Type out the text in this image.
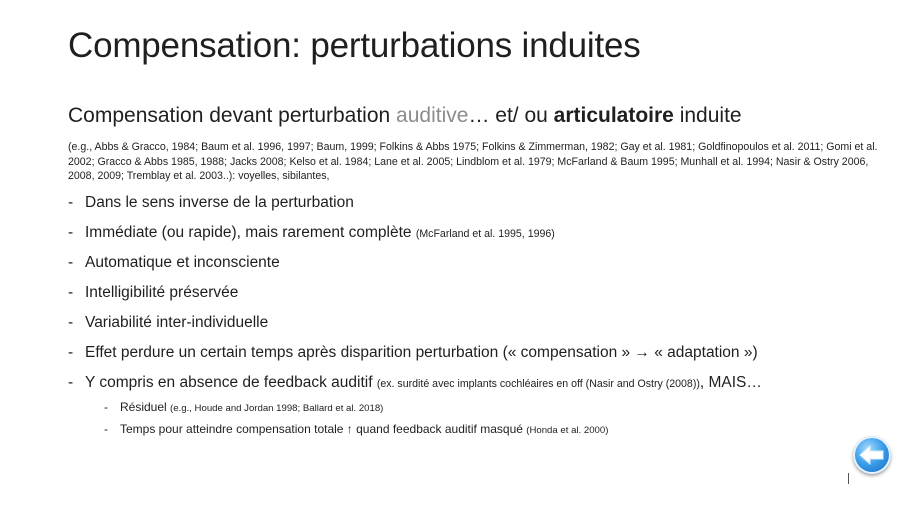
Compensation: perturbations induites
Compensation devant perturbation auditive… et/ ou articulatoire induite
(e.g., Abbs & Gracco, 1984; Baum et al. 1996, 1997; Baum, 1999; Folkins & Abbs 1975; Folkins & Zimmerman, 1982; Gay et al. 1981; Goldfinopoulos et al. 2011; Gomi et al. 2002; Gracco & Abbs 1985, 1988; Jacks 2008; Kelso et al. 1984; Lane et al. 2005; Lindblom et al. 1979; McFarland & Baum 1995; Munhall et al. 1994; Nasir & Ostry 2006, 2008, 2009; Tremblay et al. 2003..): voyelles, sibilantes,
- Dans le sens inverse de la perturbation
- Immédiate (ou rapide), mais rarement complète (McFarland et al. 1995, 1996)
- Automatique et inconsciente
- Intelligibilité préservée
- Variabilité inter-individuelle
- Effet perdure un certain temps après disparition perturbation (« compensation » → « adaptation »)
- Y compris en absence de feedback auditif (ex. surdité avec implants cochléaires en off (Nasir and Ostry (2008)), MAIS…
- Résiduel (e.g., Houde and Jordan 1998; Ballard et al. 2018)
- Temps pour atteindre compensation totale ↑ quand feedback auditif masqué (Honda et al. 2000)
